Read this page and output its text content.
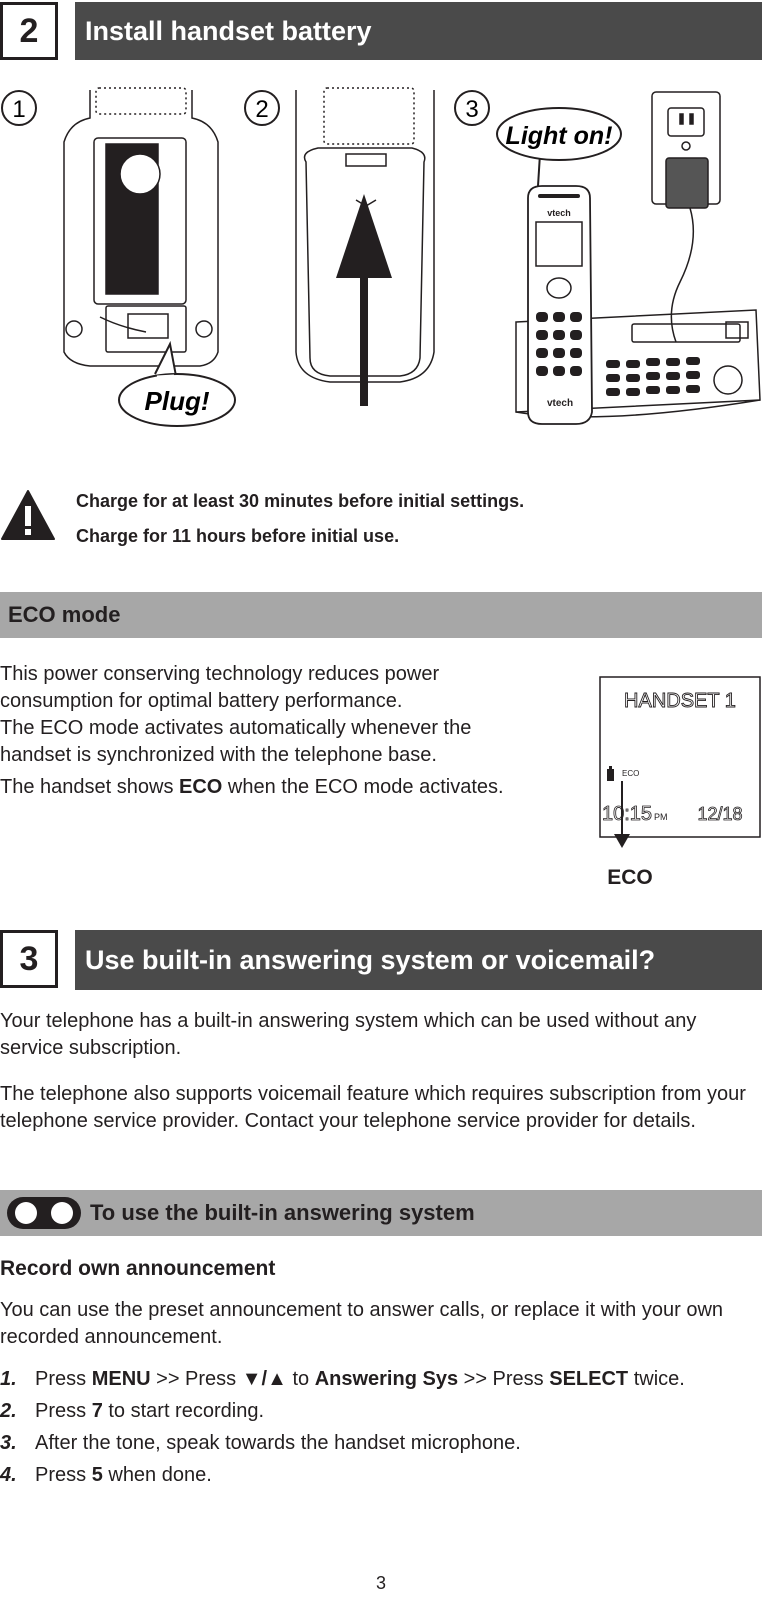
2	Install handset battery
1	2	3
Plug!
vtech
vtech
Light on!
Charge for at least 30 minutes before initial settings.
Charge for 11 hours before initial use.
ECO mode
This power conserving technology reduces power consumption for optimal battery performance.
The ECO mode activates automatically whenever the handset is synchronized with the telephone base.
The handset shows ECO when the ECO mode activates.
HANDSET 1
ECO
10:15 PM 12/18
ECO
3	Use built-in answering system or voicemail?
Your telephone has a built-in answering system which can be used without any service subscription.
The telephone also supports voicemail feature which requires subscription from your telephone service provider. Contact your telephone service provider for details.
To use the built-in answering system
Record own announcement
You can use the preset announcement to answer calls, or replace it with your own recorded announcement.
1. Press MENU >> Press ▼/▲ to Answering Sys >> Press SELECT twice.
2. Press 7 to start recording.
3. After the tone, speak towards the handset microphone.
4. Press 5 when done.
3
